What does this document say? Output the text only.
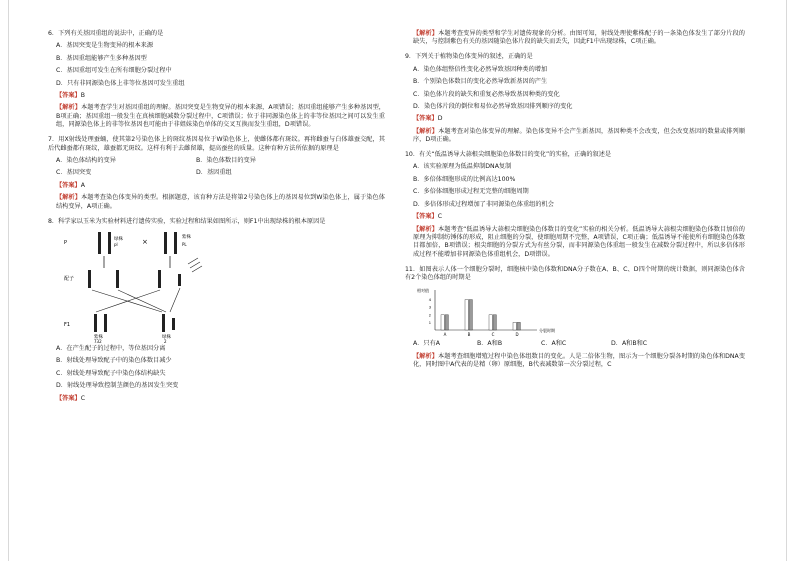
6．下列有关基因重组的说法中，正确的是

A．基因突变是生物变异的根本来源

B．基因重组能够产生多种基因型

C．基因重组可发生在所有细胞分裂过程中

D．只有非同源染色体上非等位基因可发生重组

【答案】B

【解析】本题考查学生对基因重组的理解。基因突变是生物变异的根本来源，A项错误；基因重组能够产生多种基因型，B项正确；基因重组一般发生在真核细胞减数分裂过程中，C项错误；位于非同源染色体上的非等位基因之间可以发生重组，同源染色体上的非等位基因也可能由于非姐妹染色单体的交叉互换而发生重组，D项错误。

7．用X射线处理蚕蛹，使其第2号染色体上的斑纹基因易位于W染色体上，使雌体都有斑纹。再将雌蚕与白体雄蚕交配，其后代雌蚕都有斑纹，雄蚕都无斑纹。这样有利于去雌留雄，提高蚕丝的质量。这种育种方法所依据的原理是

A．染色体结构的变异	B．染色体数目的变异

C．基因突变	D．基因重组

【答案】A

【解析】本题考查染色体变异的类型。根据题意，该育种方法是将第2号染色体上的基因易位到W染色体上，属于染色体结构变异，A项正确。

8．科学家以玉米为实验材料进行遗传实验，实验过程和结果如图所示，则F1中出现绿株的根本原因是

P
绿株
pl	×
紫株
PL
配子
F1
紫株
732
绿株
2

A．在产生配子的过程中，等位基因分离

B．射线处理导致配子中的染色体数目减少

C．射线处理导致配子中染色体结构缺失

D．射线处理导致控制茎颜色的基因发生突变

【答案】C

【解析】本题考查变异的类型和学生对遗传现象的分析。由图可知，射线处理使紫株配子的一条染色体发生了部分片段的缺失，与控制紫色有关的基因随染色体片段的缺失而丢失，因此F1中出现绿株，C项正确。

9．下列关于植物染色体变异的叙述，正确的是

A．染色体组整倍性变化必然导致基因种类的增加

B．个别染色体数目的变化必然导致新基因的产生

C．染色体片段的缺失和重复必然导致基因种类的变化

D．染色体片段的倒位和易位必然导致基因排列顺序的变化

【答案】D

【解析】本题考查对染色体变异的理解。染色体变异不会产生新基因，基因种类不会改变，但会改变基因的数量或排列顺序，D项正确。

10．有关“低温诱导大蒜根尖细胞染色体数目的变化”的实验，正确的叙述是

A．该实验原理为低温抑制DNA复制

B．多倍体细胞形成的比例高达100%

C．多倍体细胞形成过程无完整的细胞周期

D．多倍体形成过程增加了非同源染色体重组的机会

【答案】C

【解析】本题考查“低温诱导大蒜根尖细胞染色体数目的变化”实验的相关分析。低温诱导大蒜根尖细胞染色体数目加倍的原理为抑制纺锤体的形成，阻止细胞的分裂，使细胞周期不完整，A项错误，C项正确；低温诱导不能使所有细胞染色体数目都加倍，B项错误；根尖细胞的分裂方式为有丝分裂，而非同源染色体重组一般发生在减数分裂过程中，所以多倍体形成过程不能增加非同源染色体重组机会，D项错误。

11．如图表示人体一个细胞分裂时，细胞核中染色体数和DNA分子数在A、B、C、D四个时期的统计数据，则同源染色体含有2个染色体组的时期是

相对值
分裂时期
1
2
3
4
A	B	C	D

A．只有A	B．A和B	C．A和C	D．A和B和C

【解析】本题考查细胞增殖过程中染色体组数目的变化。人是二倍体生物，图示为一个细胞分裂各时期的染色体和DNA变化，同时图中A代表的是精（卵）原细胞，B代表减数第一次分裂过程，C
